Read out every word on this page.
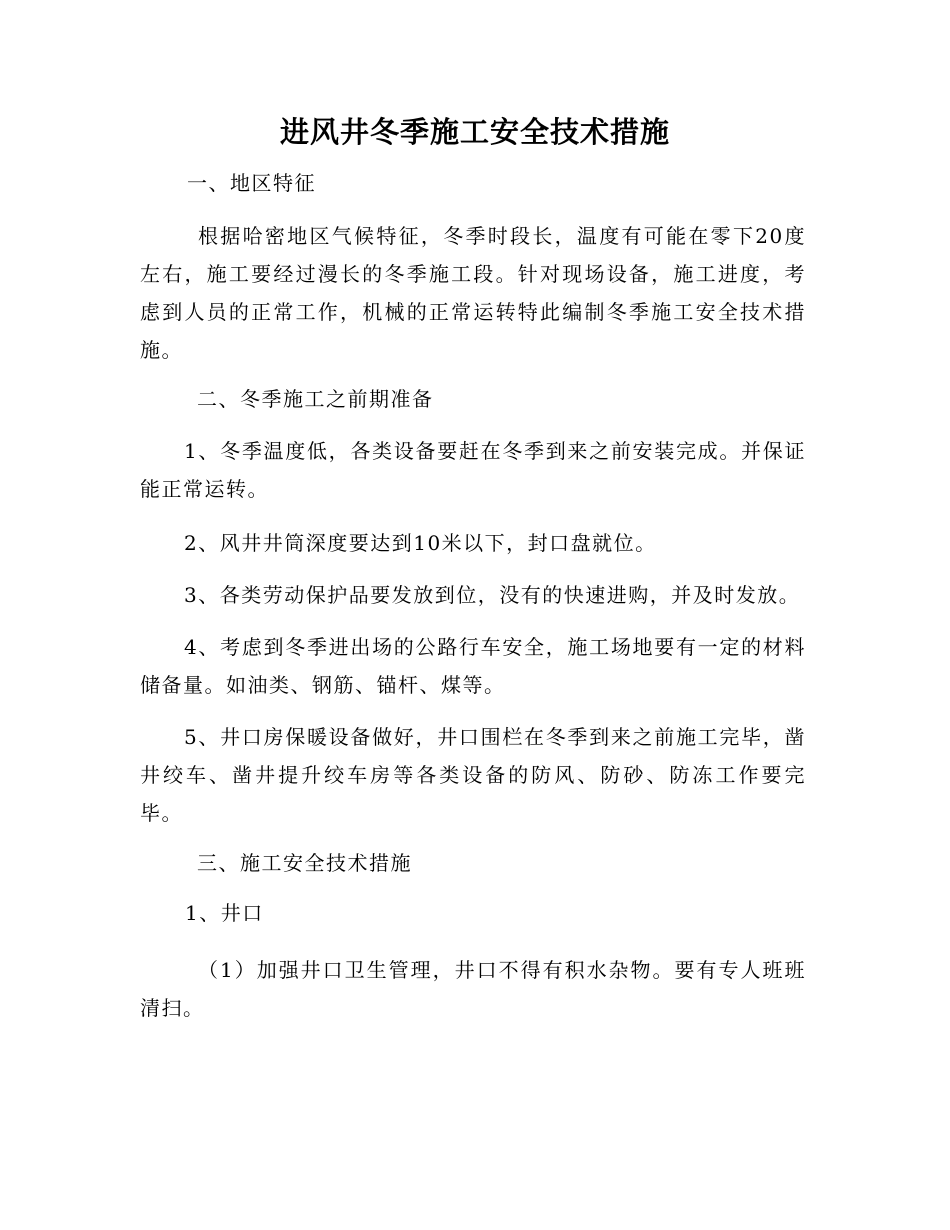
进风井冬季施工安全技术措施

一、地区特征

根据哈密地区气候特征，冬季时段长，温度有可能在零下20度左右，施工要经过漫长的冬季施工段。针对现场设备，施工进度，考虑到人员的正常工作，机械的正常运转特此编制冬季施工安全技术措施。

二、冬季施工之前期准备

1、冬季温度低，各类设备要赶在冬季到来之前安装完成。并保证能正常运转。

2、风井井筒深度要达到10米以下，封口盘就位。

3、各类劳动保护品要发放到位，没有的快速进购，并及时发放。

4、考虑到冬季进出场的公路行车安全，施工场地要有一定的材料储备量。如油类、钢筋、锚杆、煤等。

5、井口房保暖设备做好，井口围栏在冬季到来之前施工完毕，凿井绞车、凿井提升绞车房等各类设备的防风、防砂、防冻工作要完毕。

三、施工安全技术措施

1、井口

（1）加强井口卫生管理，井口不得有积水杂物。要有专人班班清扫。
